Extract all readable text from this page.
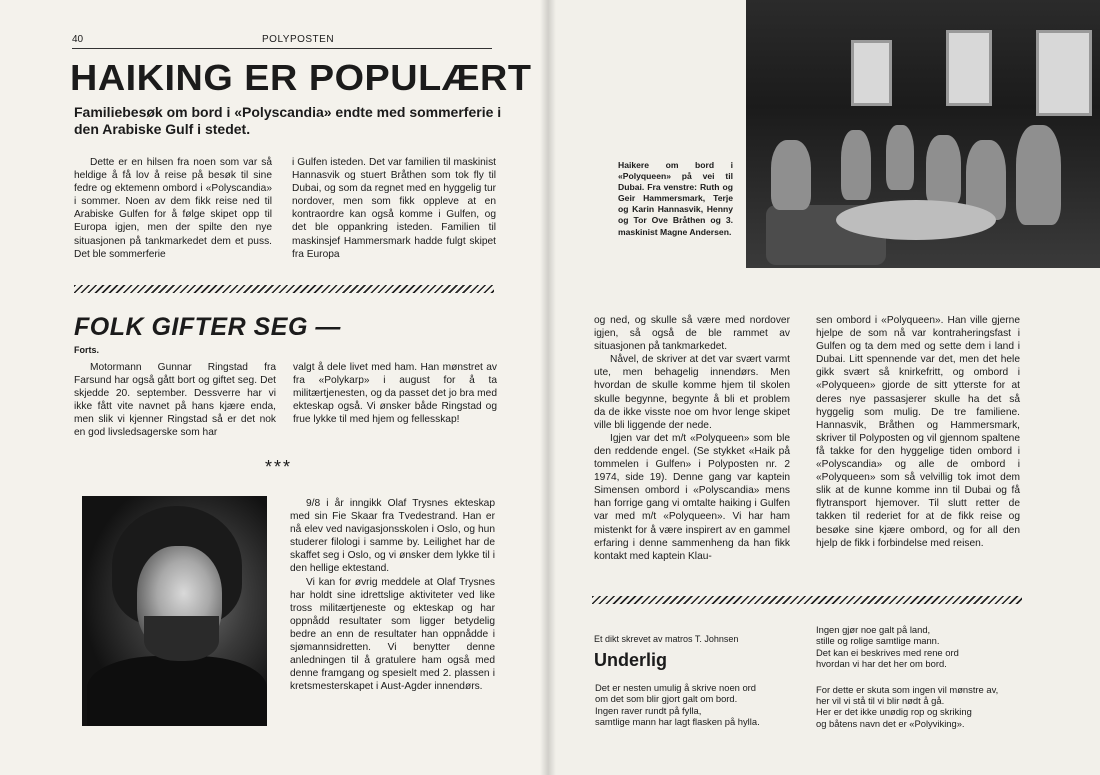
40	POLYPOSTEN
HAIKING ER POPULÆRT

Familiebesøk om bord i «Polyscandia» endte med sommerferie i den Arabiske Gulf i stedet.

Dette er en hilsen fra noen som var så heldige å få lov å reise på besøk til sine fedre og ektemenn ombord i «Polyscandia» i sommer. Noen av dem fikk reise ned til Arabiske Gulfen for å følge skipet opp til Europa igjen, men der spilte den nye situasjonen på tankmarkedet dem et puss. Det ble sommerferie

i Gulfen isteden. Det var familien til maskinist Hannasvik og stuert Bråthen som tok fly til Dubai, og som da regnet med en hyggelig tur nordover, men som fikk oppleve at en kontraordre kan også komme i Gulfen, og det ble oppankring isteden. Familien til maskinsjef Hammersmark hadde fulgt skipet fra Europa

FOLK GIFTER SEG —
Forts.

Motormann Gunnar Ringstad fra Farsund har også gått bort og giftet seg. Det skjedde 20. september. Dessverre har vi ikke fått vite navnet på hans kjære enda, men slik vi kjenner Ringstad så er det nok en god livsledsagerske som har

valgt å dele livet med ham. Han mønstret av fra «Polykarp» i august for å ta militærtjenesten, og da passet det jo bra med ekteskap også. Vi ønsker både Ringstad og frue lykke til med hjem og fellesskap!

***

9/8 i år inngikk Olaf Trysnes ekteskap med sin Fie Skaar fra Tvedestrand. Han er nå elev ved navigasjonsskolen i Oslo, og hun studerer filologi i samme by. Leilighet har de skaffet seg i Oslo, og vi ønsker dem lykke til i den hellige ektestand.

Vi kan for øvrig meddele at Olaf Trysnes har holdt sine idrettslige aktiviteter ved like tross militærtjeneste og ekteskap og har oppnådd resultater som ligger betydelig bedre an enn de resultater han oppnådde i sjømannsidretten. Vi benytter denne anledningen til å gratulere ham også med denne framgang og spesielt med 2. plassen i kretsmesterskapet i Aust-Agder innendørs.

Haikere om bord i «Polyqueen» på vei til Dubai. Fra venstre: Ruth og Geir Hammersmark, Terje og Karin Hannasvik, Henny og Tor Ove Bråthen og 3. maskinist Magne Andersen.

og ned, og skulle så være med nordover igjen, så også de ble rammet av situasjonen på tankmarkedet.

Nåvel, de skriver at det var svært varmt ute, men behagelig innendørs. Men hvordan de skulle komme hjem til skolen skulle begynne, begynte å bli et problem da de ikke visste noe om hvor lenge skipet ville bli liggende der nede.

Igjen var det m/t «Polyqueen» som ble den reddende engel. (Se stykket «Haik på tommelen i Gulfen» i Polyposten nr. 2 1974, side 19). Denne gang var kaptein Simensen ombord i «Polyscandia» mens han forrige gang vi omtalte haiking i Gulfen var med m/t «Polyqueen». Vi har ham mistenkt for å være inspirert av en gammel erfaring i denne sammenheng da han fikk kontakt med kaptein Klau-

sen ombord i «Polyqueen». Han ville gjerne hjelpe de som nå var kontraheringsfast i Gulfen og ta dem med og sette dem i land i Dubai. Litt spennende var det, men det hele gikk svært så knirkefritt, og ombord i «Polyqueen» gjorde de sitt ytterste for at deres nye passasjerer skulle ha det så hyggelig som mulig. De tre familiene. Hannasvik, Bråthen og Hammersmark, skriver til Polyposten og vil gjennom spaltene få takke for den hyggelige tiden ombord i «Polyscandia» og alle de ombord i «Polyqueen» som så velvillig tok imot dem slik at de kunne komme inn til Dubai og få flytransport hjemover. Til slutt retter de takken til rederiet for at de fikk reise og besøke sine kjære ombord, og for all den hjelp de fikk i forbindelse med reisen.

Et dikt skrevet av matros T. Johnsen
Underlig

Det er nesten umulig å skrive noen ord
om det som blir gjort galt om bord.
Ingen raver rundt på fylla,
samtlige mann har lagt flasken på hylla.

Ingen gjør noe galt på land,
stille og rolige samtlige mann.
Det kan ei beskrives med rene ord
hvordan vi har det her om bord.

For dette er skuta som ingen vil mønstre av,
her vil vi stå til vi blir nødt å gå.
Her er det ikke unødig rop og skriking
og båtens navn det er «Polyviking».
